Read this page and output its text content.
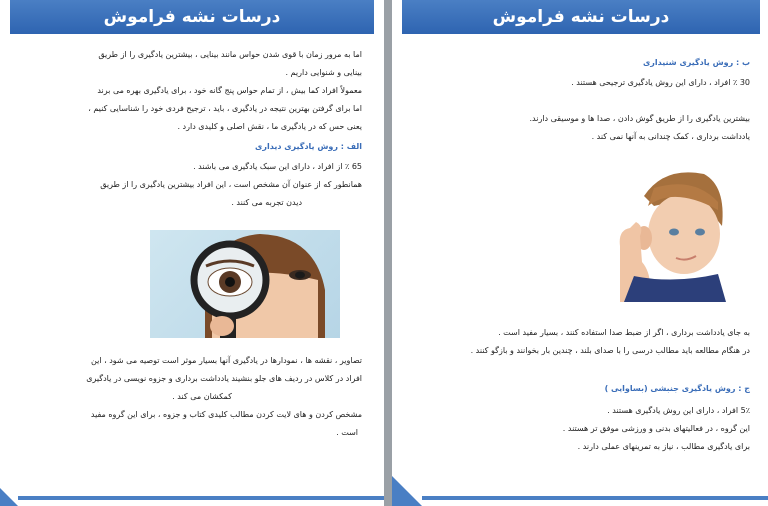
درسات نشه فراموش
اما به مرور زمان با قوی شدن حواس مانند بینایی ، بیشترین یادگیری را از طریق
بینایی و شنوایی داریم .
معمولاً افراد کما بیش ، از تمام حواس پنج گانه خود ، برای یادگیری بهره می برند
اما برای گرفتن بهترین نتیجه در یادگیری ، باید ، ترجیح فردی خود را شناسایی کنیم ،
یعنی حس که در یادگیری ما ، نقش اصلی و کلیدی دارد .
الف : روش یادگیری دیداری
65 ٪ از افراد ، دارای این سبک یادگیری می باشند .
همانطور که از عنوان آن مشخص است ، این افراد بیشترین یادگیری را از طریق
دیدن تجربه می کنند .
تصاویر ، نقشه ها ، نمودارها در یادگیری آنها بسیار موثر است توصیه می شود ، این
افراد در کلاس در ردیف های جلو بنشیند یادداشت برداری و جزوه نویسی در یادگیری
کمکشان می کند .
مشخص کردن و های لایت کردن مطالب کلیدی کتاب و جزوه ، برای این گروه مفید
است .
درسات نشه فراموش
ب : روش یادگیری شنیداری
30 ٪ افراد ، دارای این روش یادگیری ترجیحی هستند .
بیشترین یادگیری را از طریق گوش دادن ، صدا ها و موسیقی دارند.
یادداشت برداری ، کمک چندانی به آنها نمی کند .
به جای یادداشت برداری ، اگر از ضبط صدا استفاده کنند ، بسیار مفید است .
در هنگام مطالعه باید مطالب درسی را با صدای بلند ، چندین بار بخوانند و بازگو کنند .
ج : روش یادگیری جنبشی (بساوایی )
5٪ افراد ، دارای این روش یادگیری هستند .
این گروه ، در فعالیتهای بدنی و ورزشی موفق تر هستند .
برای یادگیری مطالب ، نیاز به تمرینهای عملی دارند .
